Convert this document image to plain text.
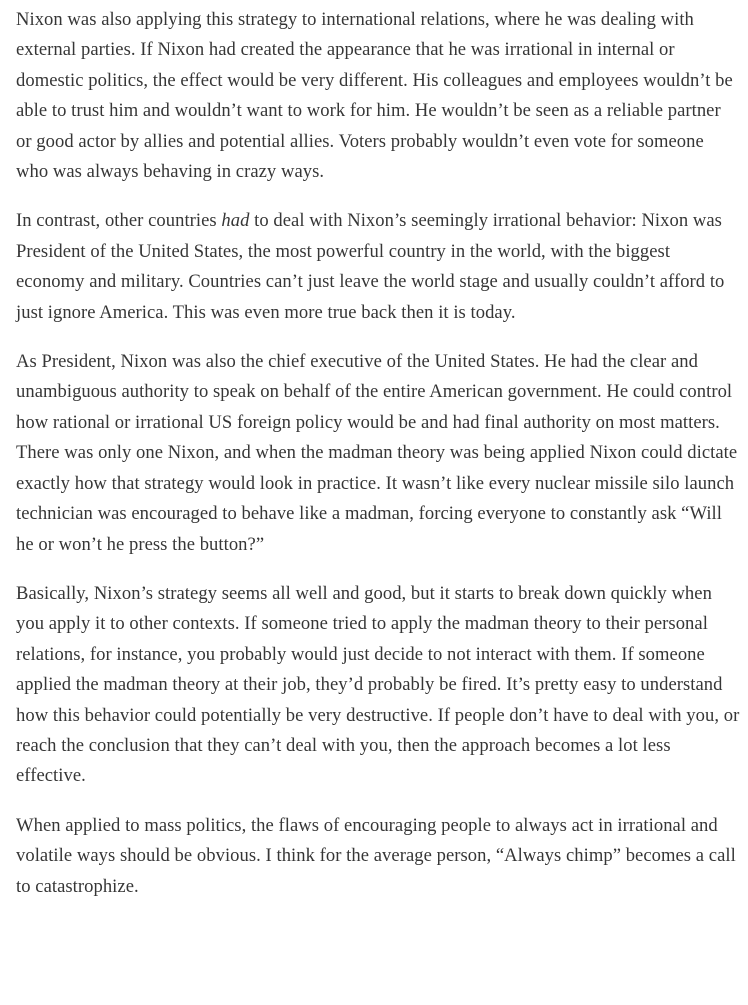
Nixon was also applying this strategy to international relations, where he was dealing with external parties. If Nixon had created the appearance that he was irrational in internal or domestic politics, the effect would be very different. His colleagues and employees wouldn’t be able to trust him and wouldn’t want to work for him. He wouldn’t be seen as a reliable partner or good actor by allies and potential allies. Voters probably wouldn’t even vote for someone who was always behaving in crazy ways.

In contrast, other countries had to deal with Nixon’s seemingly irrational behavior: Nixon was President of the United States, the most powerful country in the world, with the biggest economy and military. Countries can’t just leave the world stage and usually couldn’t afford to just ignore America. This was even more true back then it is today.

As President, Nixon was also the chief executive of the United States. He had the clear and unambiguous authority to speak on behalf of the entire American government. He could control how rational or irrational US foreign policy would be and had final authority on most matters. There was only one Nixon, and when the madman theory was being applied Nixon could dictate exactly how that strategy would look in practice. It wasn’t like every nuclear missile silo launch technician was encouraged to behave like a madman, forcing everyone to constantly ask “Will he or won’t he press the button?”

Basically, Nixon’s strategy seems all well and good, but it starts to break down quickly when you apply it to other contexts. If someone tried to apply the madman theory to their personal relations, for instance, you probably would just decide to not interact with them. If someone applied the madman theory at their job, they’d probably be fired. It’s pretty easy to understand how this behavior could potentially be very destructive. If people don’t have to deal with you, or reach the conclusion that they can’t deal with you, then the approach becomes a lot less effective.

When applied to mass politics, the flaws of encouraging people to always act in irrational and volatile ways should be obvious. I think for the average person, “Always chimp” becomes a call to catastrophize.
